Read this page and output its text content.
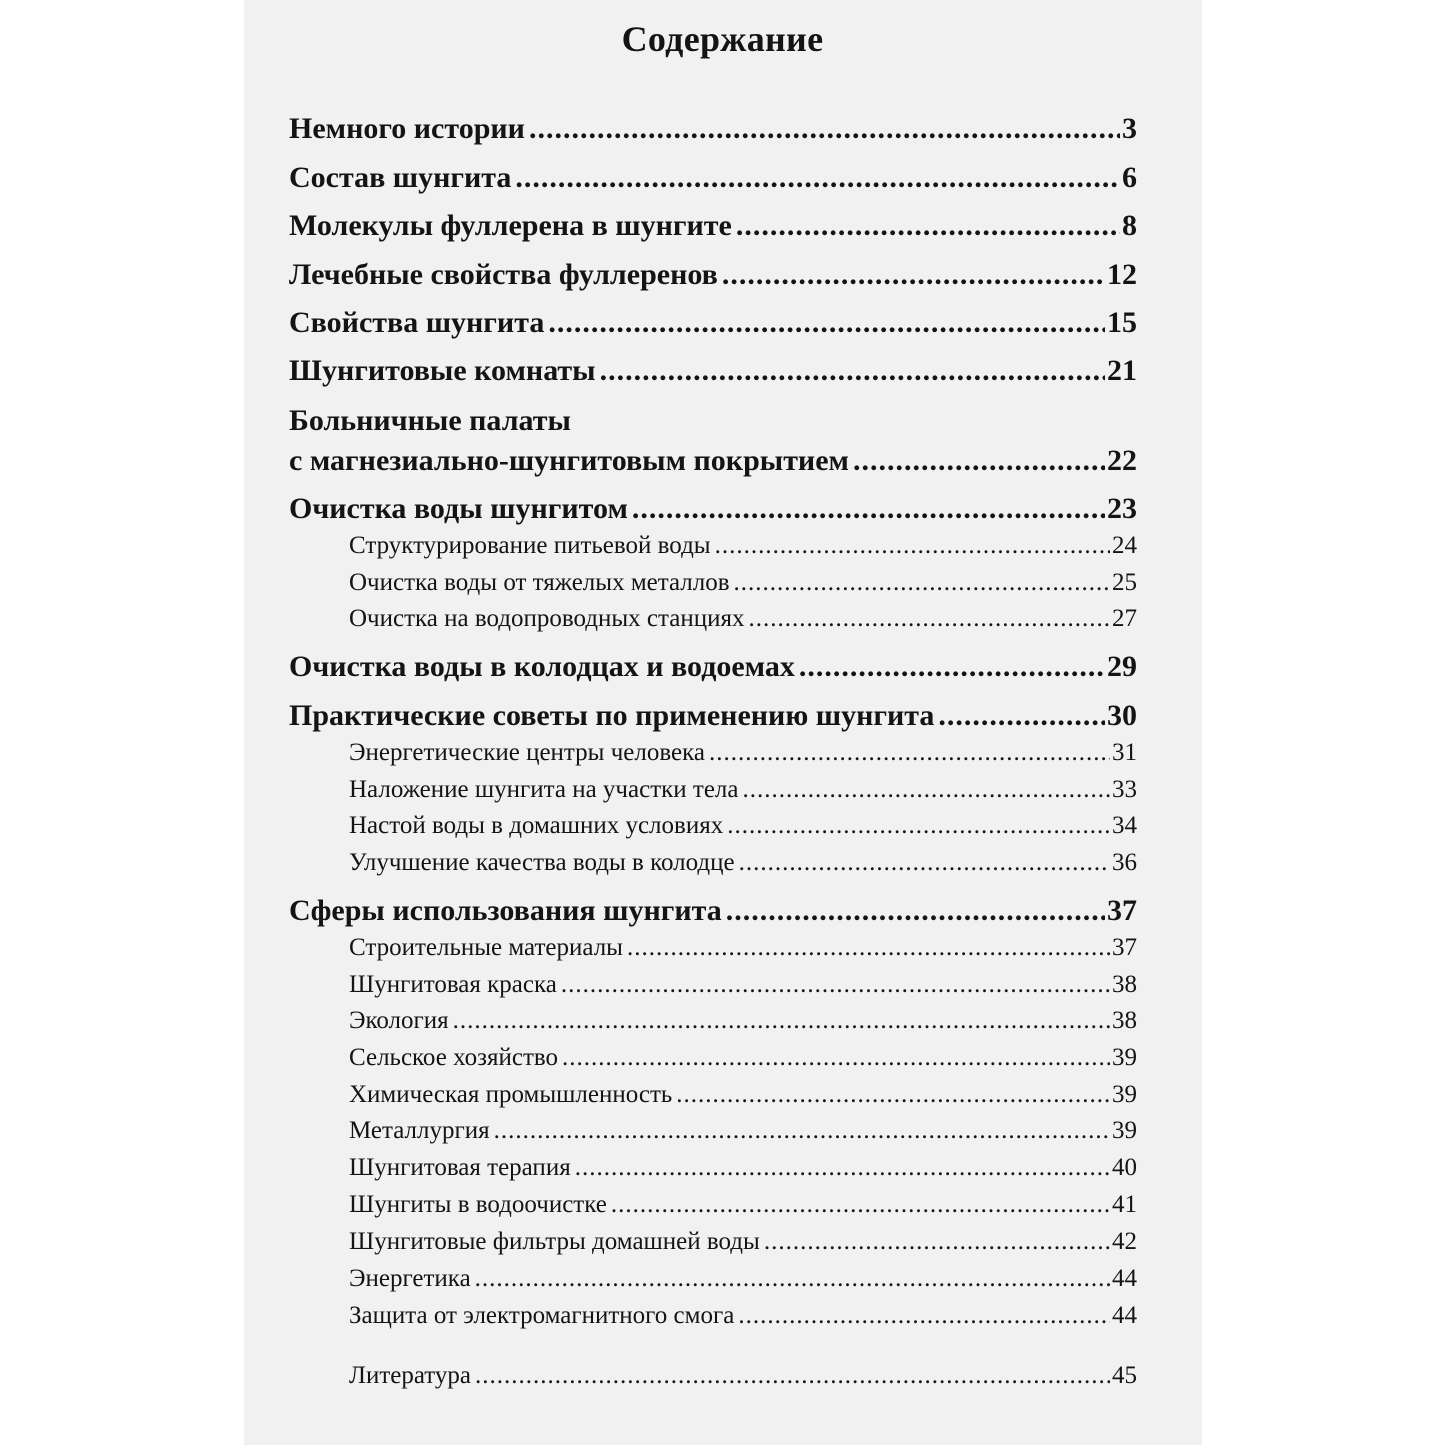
Содержание
Немного истории .....	3
Состав шунгита .....	6
Молекулы фуллерена в шунгите .....	8
Лечебные свойства фуллеренов .....	12
Свойства шунгита .....	15
Шунгитовые комнаты .....	21
Больничные палаты
с магнезиально-шунгитовым покрытием .....	22
Очистка воды шунгитом .....	23
Структурирование питьевой воды .....	24
Очистка воды от тяжелых металлов .....	25
Очистка на водопроводных станциях .....	27
Очистка воды в колодцах и водоемах .....	29
Практические советы по применению шунгита .....	30
Энергетические центры человека .....	31
Наложение шунгита на участки тела .....	33
Настой воды в домашних условиях .....	34
Улучшение качества воды в колодце .....	36
Сферы использования шунгита .....	37
Строительные материалы .....	37
Шунгитовая краска .....	38
Экология .....	38
Сельское хозяйство .....	39
Химическая промышленность .....	39
Металлургия .....	39
Шунгитовая терапия .....	40
Шунгиты в водоочистке .....	41
Шунгитовые фильтры домашней воды .....	42
Энергетика .....	44
Защита от электромагнитного смога .....	44
Литература .....	45
